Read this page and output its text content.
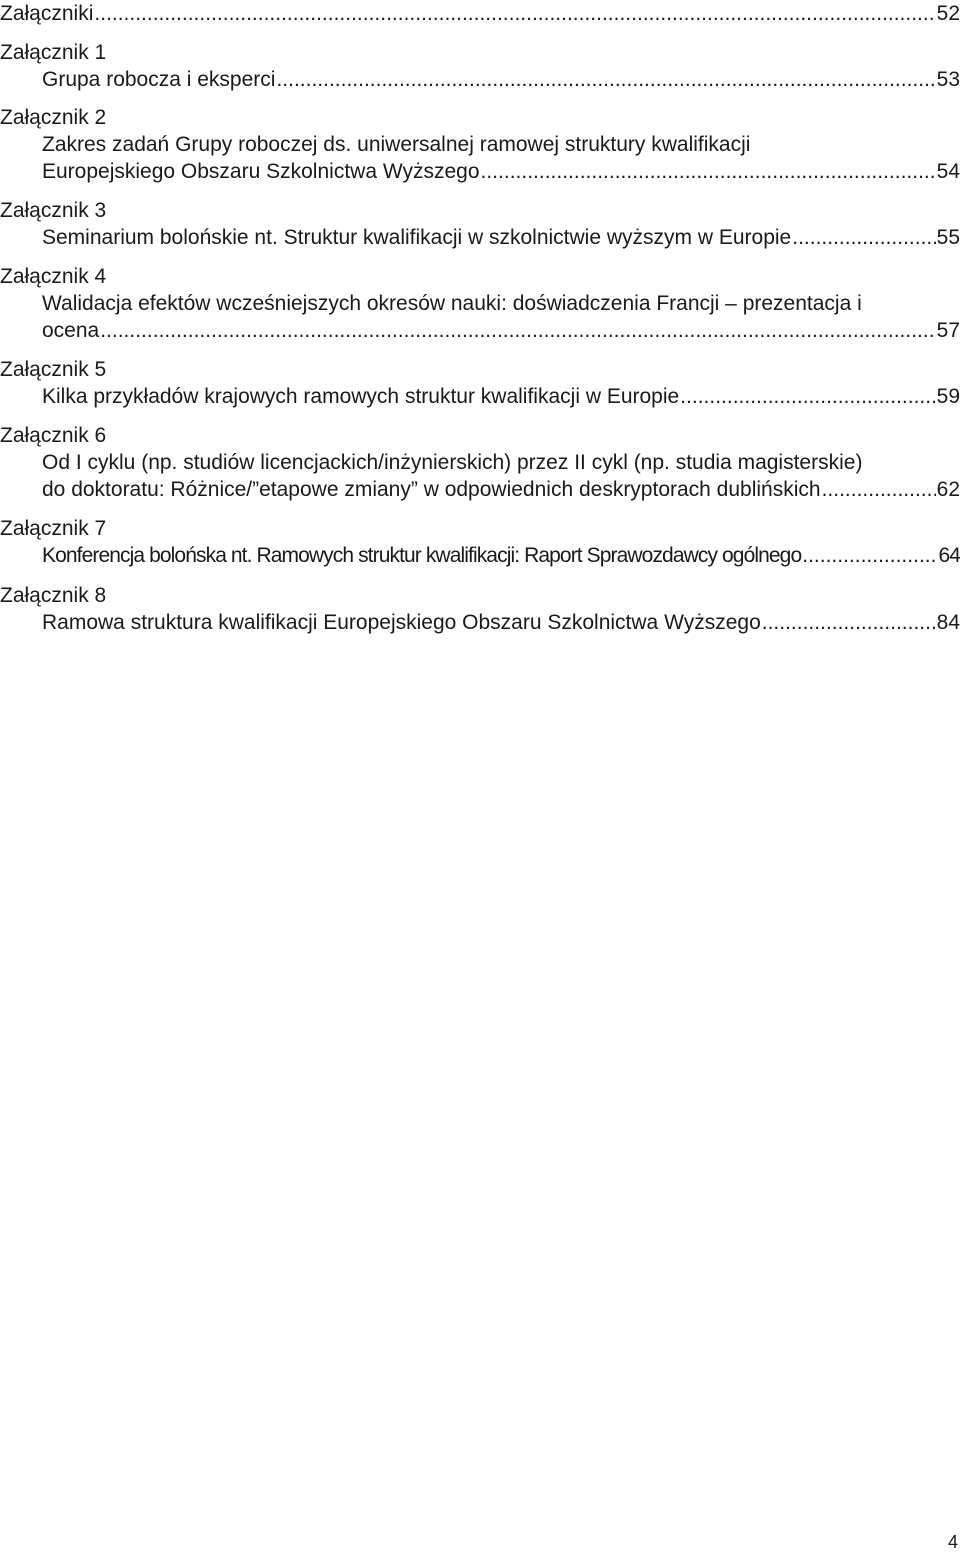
Załączniki .....	52
Załącznik 1
Grupa robocza i eksperci .....	53
Załącznik 2
Zakres zadań Grupy roboczej ds. uniwersalnej ramowej struktury kwalifikacji
Europejskiego Obszaru Szkolnictwa Wyższego .....	54
Załącznik 3
Seminarium bolońskie nt. Struktur kwalifikacji w szkolnictwie wyższym w Europie .....	55
Załącznik 4
Walidacja efektów wcześniejszych okresów nauki: doświadczenia Francji – prezentacja i
ocena .....	57
Załącznik 5
Kilka przykładów krajowych ramowych struktur kwalifikacji w Europie .....	59
Załącznik 6
Od I cyklu (np. studiów licencjackich/inżynierskich) przez II cykl (np. studia magisterskie)
do doktoratu: Różnice/”etapowe zmiany” w odpowiednich deskryptorach dublińskich .....	62
Załącznik 7
Konferencja bolońska nt. Ramowych struktur kwalifikacji: Raport Sprawozdawcy ogólnego .....	64
Załącznik 8
Ramowa struktura kwalifikacji Europejskiego Obszaru Szkolnictwa Wyższego .....	84
4
